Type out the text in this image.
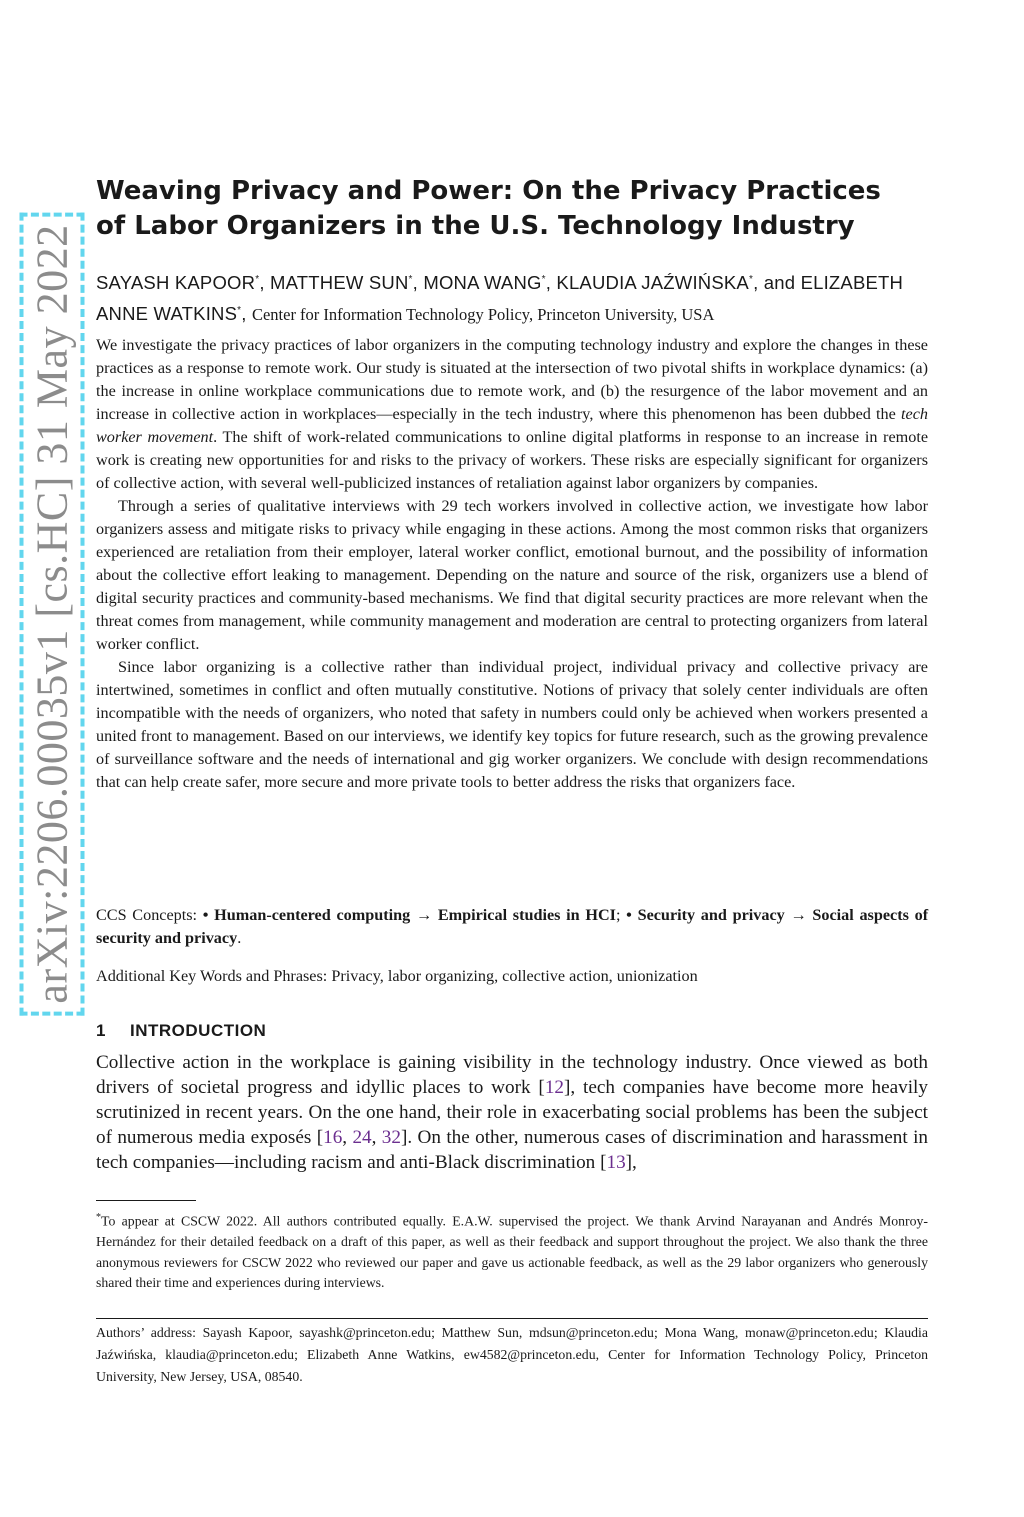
arXiv:2206.00035v1 [cs.HC] 31 May 2022
Weaving Privacy and Power: On the Privacy Practices of Labor Organizers in the U.S. Technology Industry

SAYASH KAPOOR*, MATTHEW SUN*, MONA WANG*, KLAUDIA JAŹWIŃSKA*, and ELIZABETH ANNE WATKINS*, Center for Information Technology Policy, Princeton University, USA

We investigate the privacy practices of labor organizers in the computing technology industry and explore the changes in these practices as a response to remote work. Our study is situated at the intersection of two pivotal shifts in workplace dynamics: (a) the increase in online workplace communications due to remote work, and (b) the resurgence of the labor movement and an increase in collective action in workplaces—especially in the tech industry, where this phenomenon has been dubbed the tech worker movement. The shift of work-related communications to online digital platforms in response to an increase in remote work is creating new opportunities for and risks to the privacy of workers. These risks are especially significant for organizers of collective action, with several well-publicized instances of retaliation against labor organizers by companies.

Through a series of qualitative interviews with 29 tech workers involved in collective action, we investigate how labor organizers assess and mitigate risks to privacy while engaging in these actions. Among the most common risks that organizers experienced are retaliation from their employer, lateral worker conflict, emotional burnout, and the possibility of information about the collective effort leaking to management. Depending on the nature and source of the risk, organizers use a blend of digital security practices and community-based mechanisms. We find that digital security practices are more relevant when the threat comes from management, while community management and moderation are central to protecting organizers from lateral worker conflict.

Since labor organizing is a collective rather than individual project, individual privacy and collective privacy are intertwined, sometimes in conflict and often mutually constitutive. Notions of privacy that solely center individuals are often incompatible with the needs of organizers, who noted that safety in numbers could only be achieved when workers presented a united front to management. Based on our interviews, we identify key topics for future research, such as the growing prevalence of surveillance software and the needs of international and gig worker organizers. We conclude with design recommendations that can help create safer, more secure and more private tools to better address the risks that organizers face.

CCS Concepts: • Human-centered computing → Empirical studies in HCI; • Security and privacy → Social aspects of security and privacy.

Additional Key Words and Phrases: Privacy, labor organizing, collective action, unionization

1 INTRODUCTION

Collective action in the workplace is gaining visibility in the technology industry. Once viewed as both drivers of societal progress and idyllic places to work [12], tech companies have become more heavily scrutinized in recent years. On the one hand, their role in exacerbating social problems has been the subject of numerous media exposés [16, 24, 32]. On the other, numerous cases of discrimination and harassment in tech companies—including racism and anti-Black discrimination [13],

*To appear at CSCW 2022. All authors contributed equally. E.A.W. supervised the project. We thank Arvind Narayanan and Andrés Monroy-Hernández for their detailed feedback on a draft of this paper, as well as their feedback and support throughout the project. We also thank the three anonymous reviewers for CSCW 2022 who reviewed our paper and gave us actionable feedback, as well as the 29 labor organizers who generously shared their time and experiences during interviews.

Authors’ address: Sayash Kapoor, sayashk@princeton.edu; Matthew Sun, mdsun@princeton.edu; Mona Wang, monaw@princeton.edu; Klaudia Jaźwińska, klaudia@princeton.edu; Elizabeth Anne Watkins, ew4582@princeton.edu, Center for Information Technology Policy, Princeton University, New Jersey, USA, 08540.
